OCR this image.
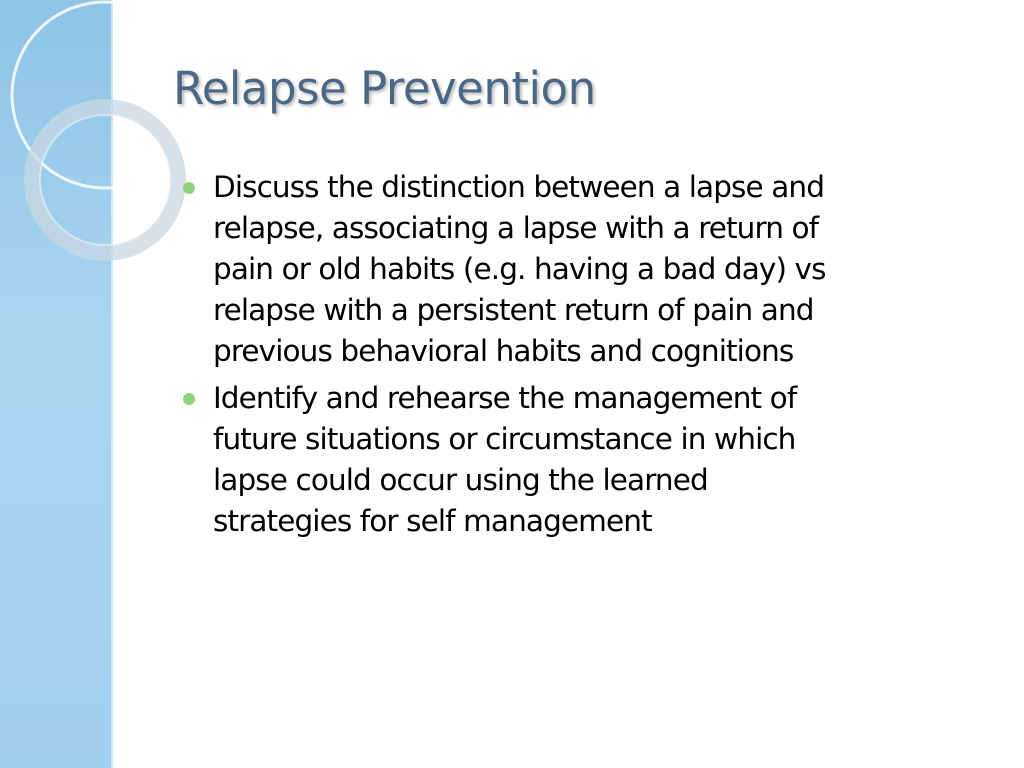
Relapse Prevention
Discuss the distinction between a lapse and
relapse, associating a lapse with a return of
pain or old habits (e.g. having a bad day) vs
relapse with a persistent return of pain and
previous behavioral habits and cognitions
Identify and rehearse the management of
future situations or circumstance in which
lapse could occur using the learned
strategies for self management
